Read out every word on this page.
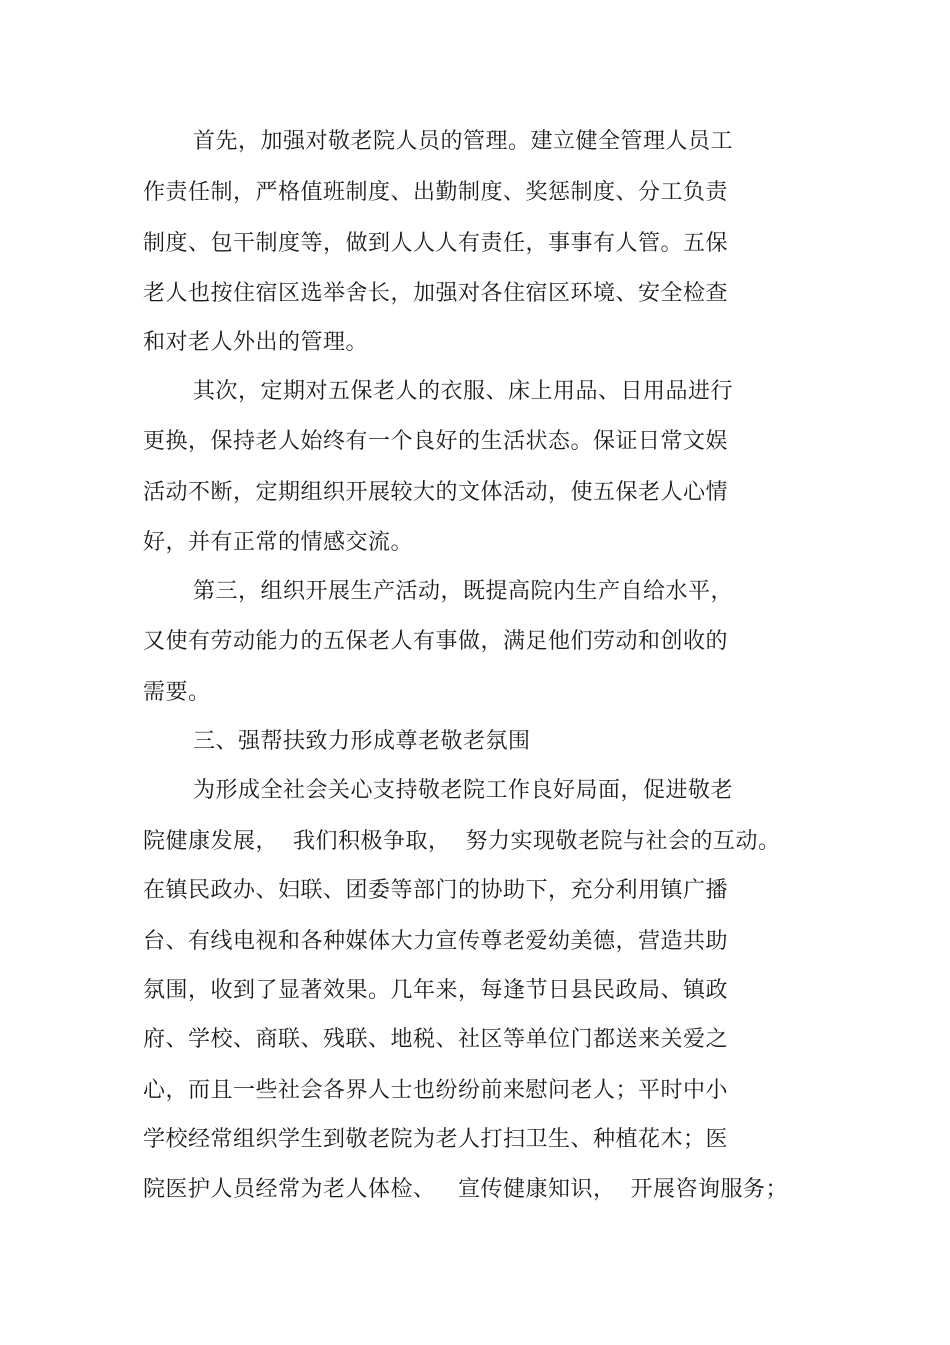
首先，加强对敬老院人员的管理。建立健全管理人员工
作责任制，严格值班制度、出勤制度、奖惩制度、分工负责
制度、包干制度等，做到人人人有责任，事事有人管。五保
老人也按住宿区选举舍长，加强对各住宿区环境、安全检查
和对老人外出的管理。
其次，定期对五保老人的衣服、床上用品、日用品进行
更换，保持老人始终有一个良好的生活状态。保证日常文娱
活动不断，定期组织开展较大的文体活动，使五保老人心情
好，并有正常的情感交流。
第三，组织开展生产活动，既提高院内生产自给水平，
又使有劳动能力的五保老人有事做，满足他们劳动和创收的
需要。
三、强帮扶致力形成尊老敬老氛围
为形成全社会关心支持敬老院工作良好局面，促进敬老
院健康发展，  我们积极争取，  努力实现敬老院与社会的互动。
在镇民政办、妇联、团委等部门的协助下，充分利用镇广播
台、有线电视和各种媒体大力宣传尊老爱幼美德，营造共助
氛围，收到了显著效果。几年来，每逢节日县民政局、镇政
府、学校、商联、残联、地税、社区等单位门都送来关爱之
心，而且一些社会各界人士也纷纷前来慰问老人；平时中小
学校经常组织学生到敬老院为老人打扫卫生、种植花木；医
院医护人员经常为老人体检、   宣传健康知识，  开展咨询服务；
